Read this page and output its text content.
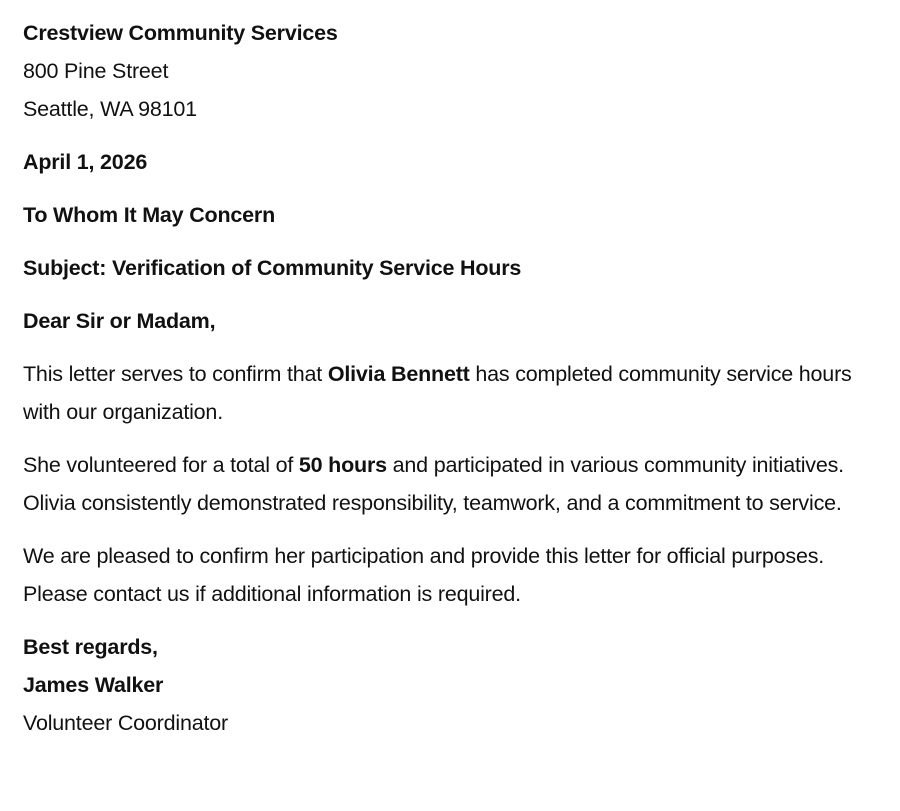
Crestview Community Services
800 Pine Street
Seattle, WA 98101
April 1, 2026
To Whom It May Concern
Subject: Verification of Community Service Hours
Dear Sir or Madam,

This letter serves to confirm that Olivia Bennett has completed community service hours with our organization.

She volunteered for a total of 50 hours and participated in various community initiatives. Olivia consistently demonstrated responsibility, teamwork, and a commitment to service.

We are pleased to confirm her participation and provide this letter for official purposes. Please contact us if additional information is required.

Best regards,
James Walker
Volunteer Coordinator
